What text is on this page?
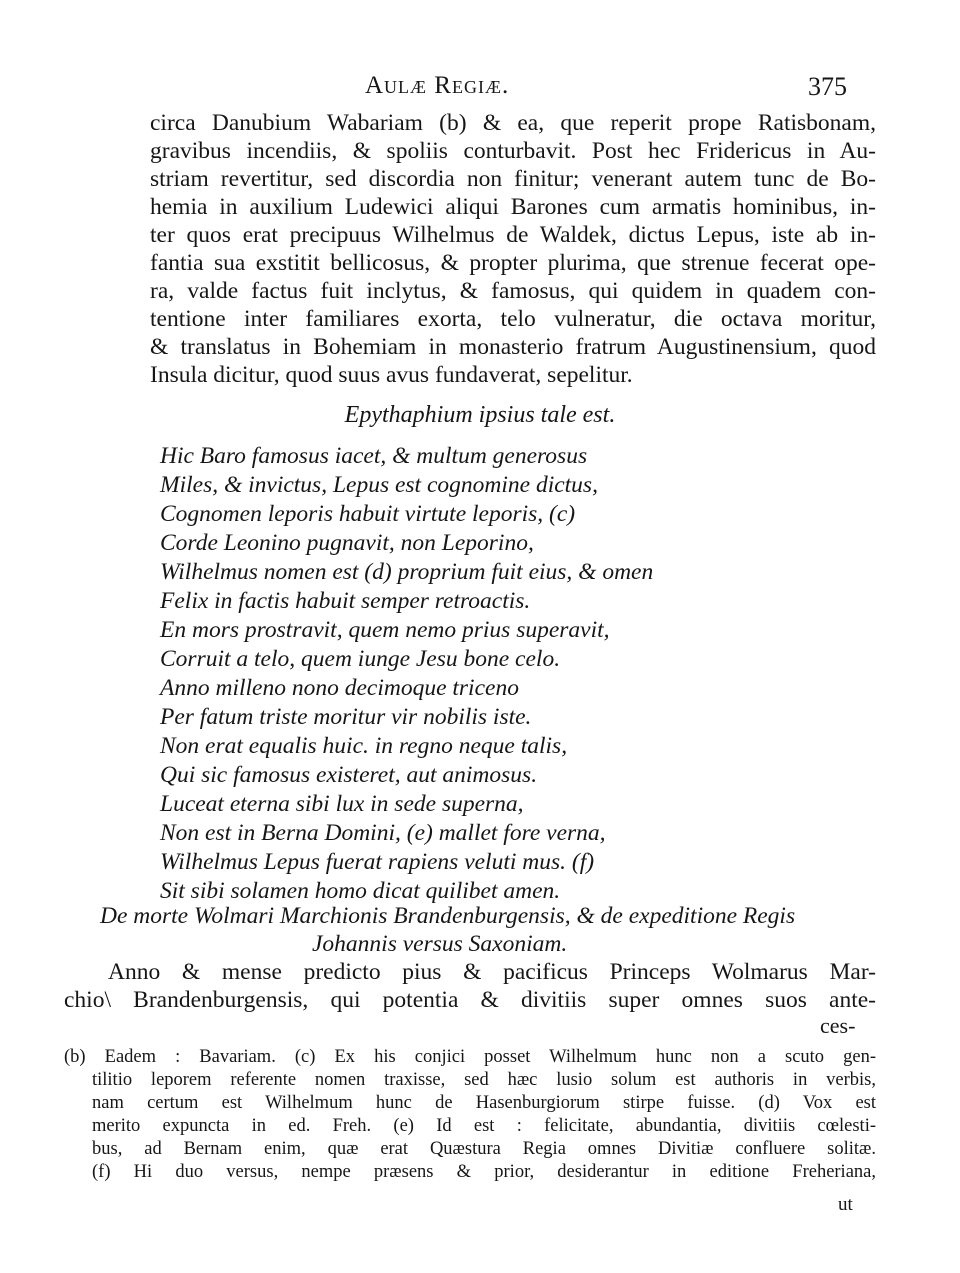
Aulæ Regiæ.	375
circa Danubium Wabariam (b) & ea, que reperit prope Ratisbonam,
gravibus incendiis, & spoliis conturbavit. Post hec Fridericus in Au-
striam revertitur, sed discordia non finitur; venerant autem tunc de Bo-
hemia in auxilium Ludewici aliqui Barones cum armatis hominibus, in-
ter quos erat precipuus Wilhelmus de Waldek, dictus Lepus, iste ab in-
fantia sua exstitit bellicosus, & propter plurima, que strenue fecerat ope-
ra, valde factus fuit inclytus, & famosus, qui quidem in quadem con-
tentione inter familiares exorta, telo vulneratur, die octava moritur,
& translatus in Bohemiam in monasterio fratrum Augustinensium, quod
Insula dicitur, quod suus avus fundaverat, sepelitur.
Epythaphium ipsius tale est.
Hic Baro famosus iacet, & multum generosus
Miles, & invictus, Lepus est cognomine dictus,
Cognomen leporis habuit virtute leporis, (c)
Corde Leonino pugnavit, non Leporino,
Wilhelmus nomen est (d) proprium fuit eius, & omen
Felix in factis habuit semper retroactis.
En mors prostravit, quem nemo prius superavit,
Corruit a telo, quem iunge Jesu bone celo.
Anno milleno nono decimoque triceno
Per fatum triste moritur vir nobilis iste.
Non erat equalis huic. in regno neque talis,
Qui sic famosus existeret, aut animosus.
Luceat eterna sibi lux in sede superna,
Non est in Berna Domini, (e) mallet fore verna,
Wilhelmus Lepus fuerat rapiens veluti mus. (f)
Sit sibi solamen homo dicat quilibet amen.
De morte Wolmari Marchionis Brandenburgensis, & de expeditione Regis
Johannis versus Saxoniam.
Anno & mense predicto pius & pacificus Princeps Wolmarus Mar-
chio\ Brandenburgensis, qui potentia & divitiis super omnes suos ante-
ces-
(b) Eadem : Bavariam. (c) Ex his conjici posset Wilhelmum hunc non a scuto gen-
tilitio leporem referente nomen traxisse, sed hæc lusio solum est authoris in verbis,
nam certum est Wilhelmum hunc de Hasenburgiorum stirpe fuisse. (d) Vox est
merito expuncta in ed. Freh. (e) Id est : felicitate, abundantia, divitiis cœlesti-
bus, ad Bernam enim, quæ erat Quæstura Regia omnes Divitiæ confluere solitæ.
(f) Hi duo versus, nempe præsens & prior, desiderantur in editione Freheriana,
ut
